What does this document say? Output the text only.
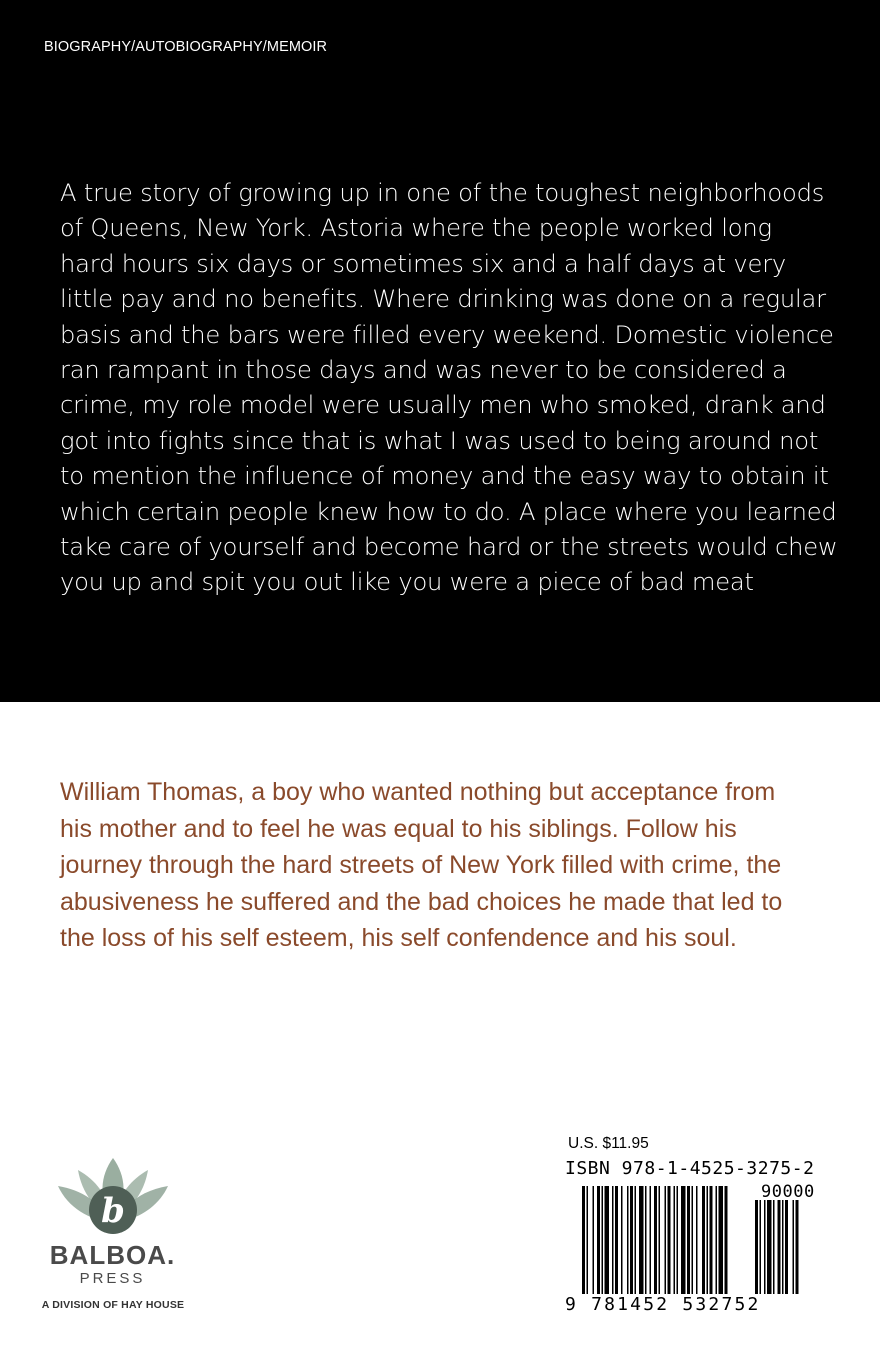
BIOGRAPHY/AUTOBIOGRAPHY/MEMOIR

A true story of growing up in one of the toughest neighborhoods
of Queens, New York. Astoria where the people worked long
hard hours six days or sometimes six and a half days at very
little pay and no benefits. Where drinking was done on a regular
basis and the bars were filled every weekend. Domestic violence
ran rampant in those days and was never to be considered a
crime, my role model were usually men who smoked, drank and
got into fights since that is what I was used to being around not
to mention the influence of money and the easy way to obtain it
which certain people knew how to do. A place where you learned
take care of yourself and become hard or the streets would chew
you up and spit you out like you were a piece of bad meat

William Thomas, a boy who wanted nothing but acceptance from
his mother and to feel he was equal to his siblings. Follow his
journey through the hard streets of New York filled with crime, the
abusiveness he suffered and the bad choices he made that led to
the loss of his self esteem, his self confendence and his soul.

b
BALBOA.
PRESS
A DIVISION OF HAY HOUSE
U.S. $11.95
ISBN 978-1-4525-3275-2
90000
9 781452 532752
